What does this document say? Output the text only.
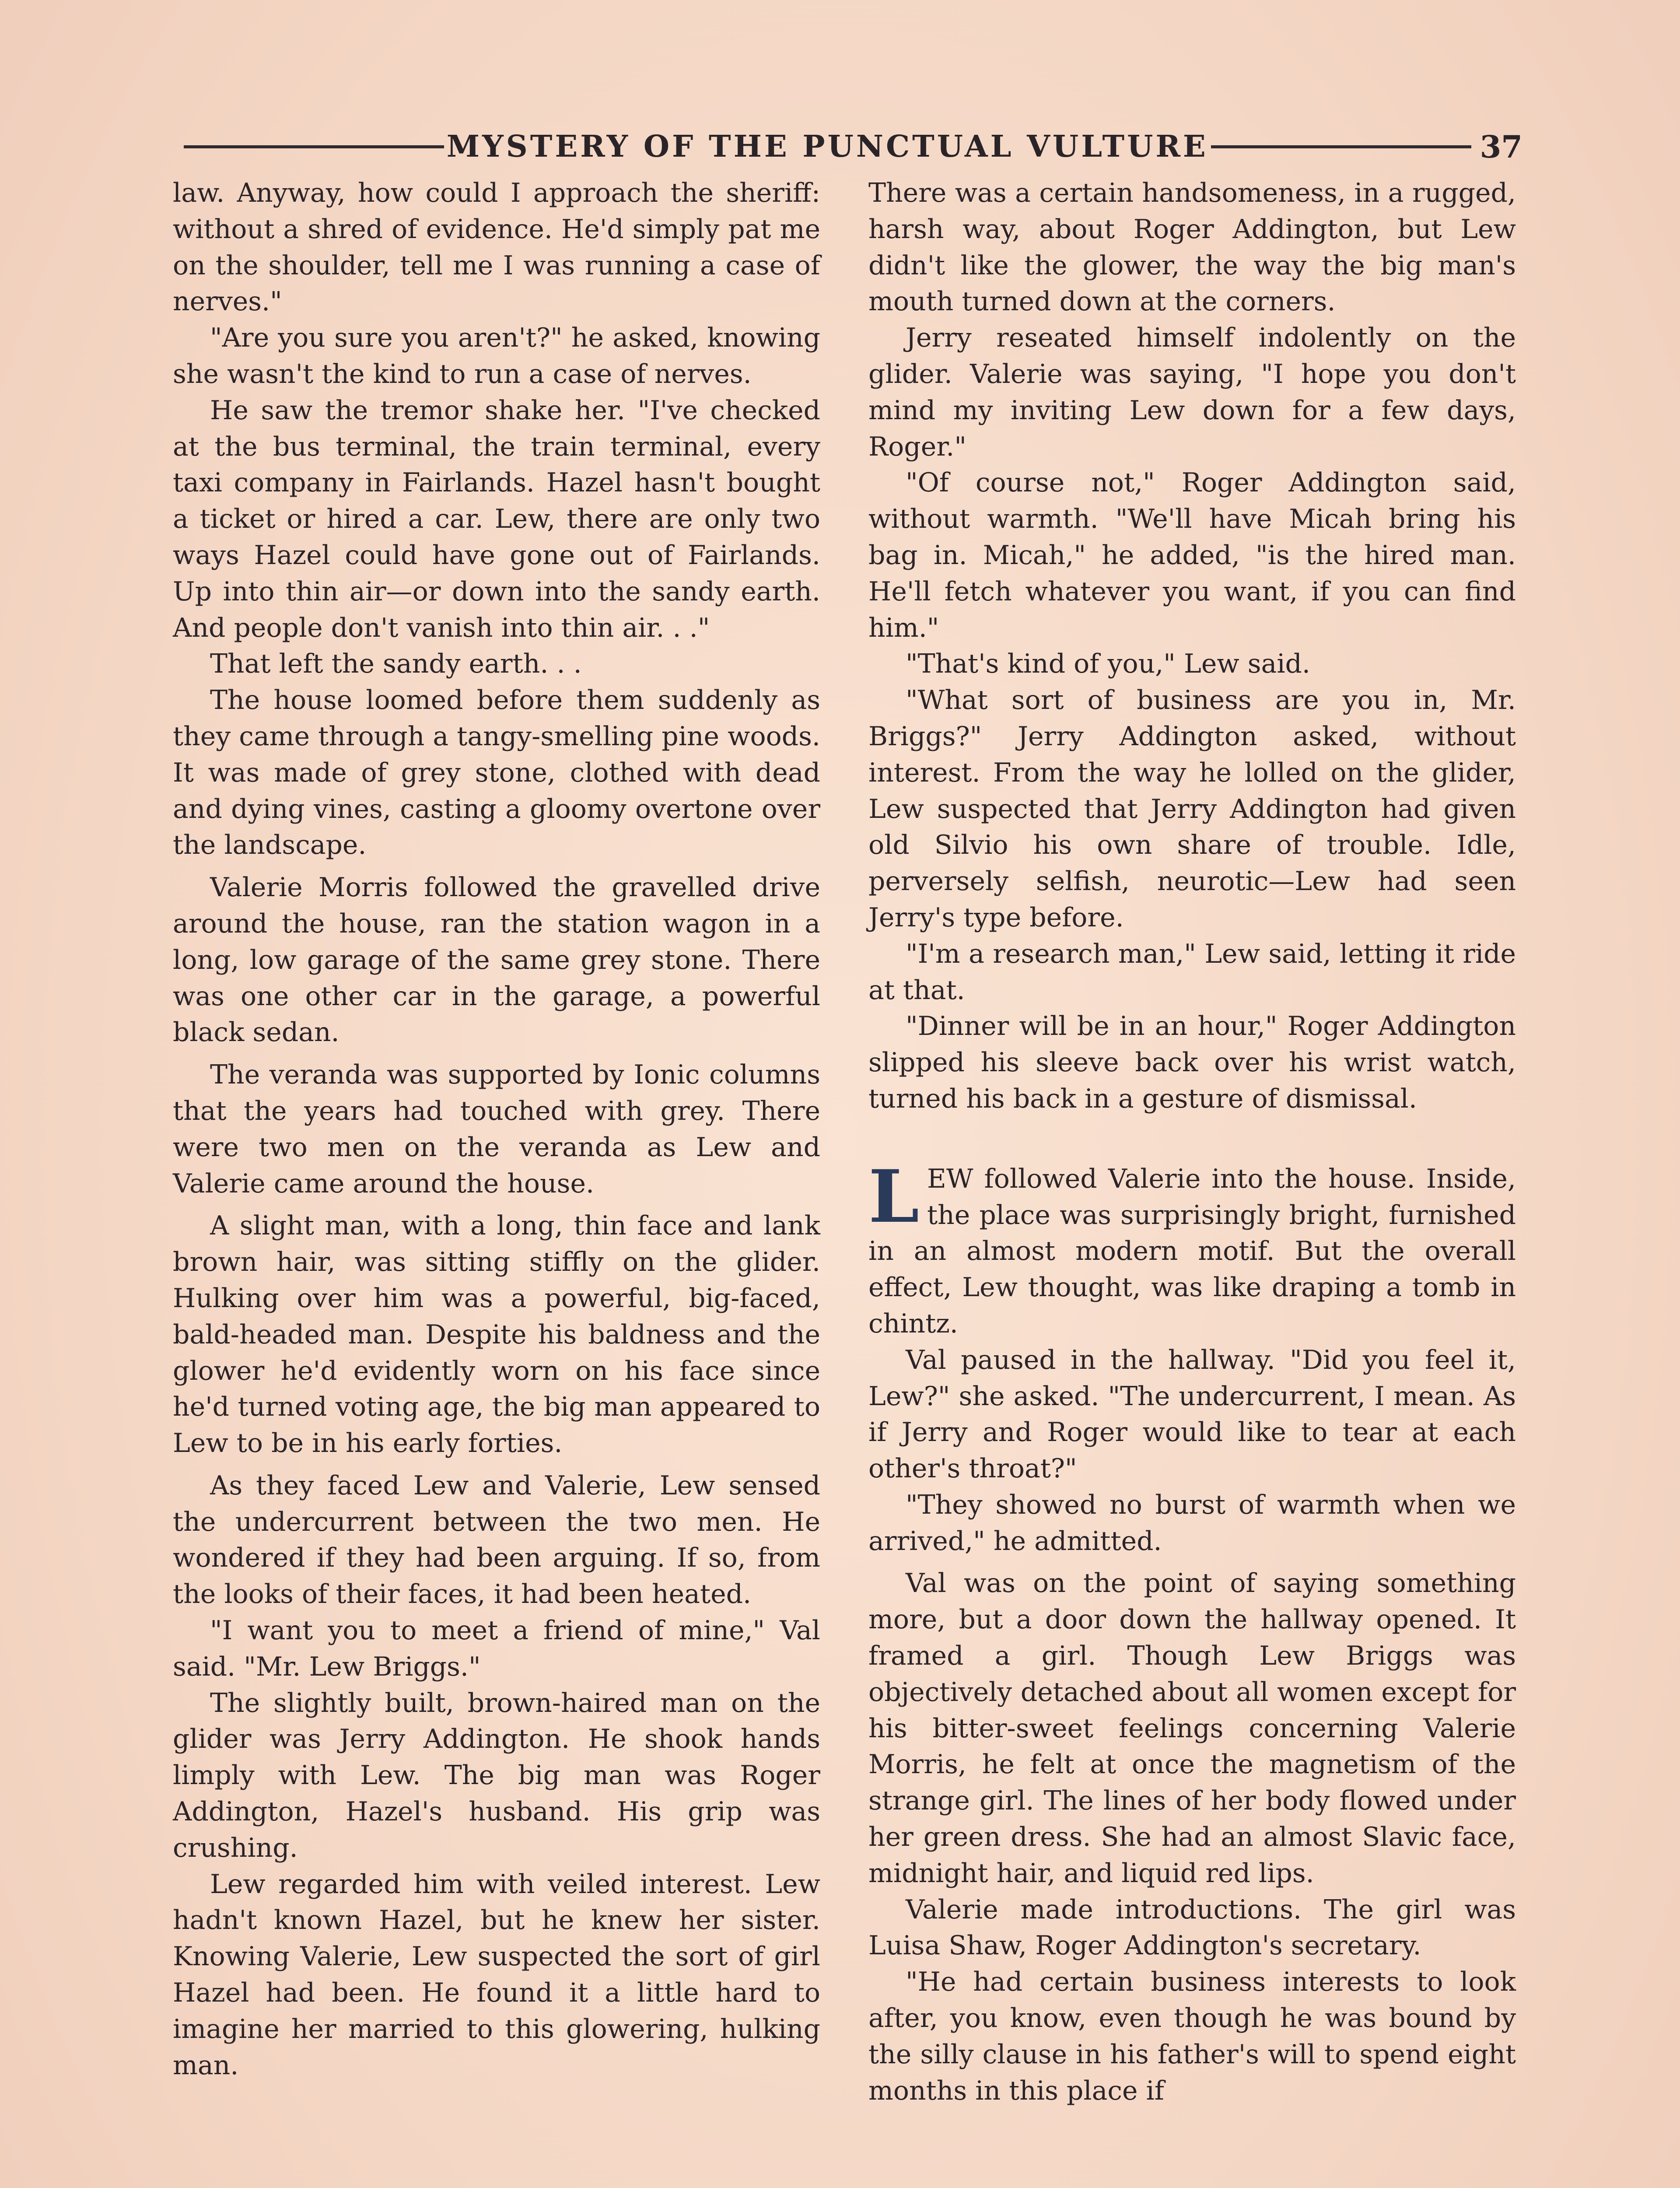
MYSTERY OF THE PUNCTUAL VULTURE	37

law. Anyway, how could I approach the sheriff: without a shred of evidence. He'd simply pat me on the shoulder, tell me I was running a case of nerves."

"Are you sure you aren't?" he asked, knowing she wasn't the kind to run a case of nerves.

He saw the tremor shake her. "I've checked at the bus terminal, the train terminal, every taxi company in Fairlands. Hazel hasn't bought a ticket or hired a car. Lew, there are only two ways Hazel could have gone out of Fairlands. Up into thin air—or down into the sandy earth. And people don't vanish into thin air. . ."

That left the sandy earth. . .

The house loomed before them suddenly as they came through a tangy-smelling pine woods. It was made of grey stone, clothed with dead and dying vines, casting a gloomy overtone over the landscape.

Valerie Morris followed the gravelled drive around the house, ran the station wagon in a long, low garage of the same grey stone. There was one other car in the garage, a powerful black sedan.

The veranda was supported by Ionic columns that the years had touched with grey. There were two men on the veranda as Lew and Valerie came around the house.

A slight man, with a long, thin face and lank brown hair, was sitting stiffly on the glider. Hulking over him was a powerful, big-faced, bald-headed man. Despite his baldness and the glower he'd evidently worn on his face since he'd turned voting age, the big man appeared to Lew to be in his early forties.

As they faced Lew and Valerie, Lew sensed the undercurrent between the two men. He wondered if they had been arguing. If so, from the looks of their faces, it had been heated.

"I want you to meet a friend of mine," Val said. "Mr. Lew Briggs."

The slightly built, brown-haired man on the glider was Jerry Addington. He shook hands limply with Lew. The big man was Roger Addington, Hazel's husband. His grip was crushing.

Lew regarded him with veiled interest. Lew hadn't known Hazel, but he knew her sister. Knowing Valerie, Lew suspected the sort of girl Hazel had been. He found it a little hard to imagine her married to this glowering, hulking man.

There was a certain handsomeness, in a rugged, harsh way, about Roger Addington, but Lew didn't like the glower, the way the big man's mouth turned down at the corners.

Jerry reseated himself indolently on the glider. Valerie was saying, "I hope you don't mind my inviting Lew down for a few days, Roger."

"Of course not," Roger Addington said, without warmth. "We'll have Micah bring his bag in. Micah," he added, "is the hired man. He'll fetch whatever you want, if you can find him."

"That's kind of you," Lew said.

"What sort of business are you in, Mr. Briggs?" Jerry Addington asked, without interest. From the way he lolled on the glider, Lew suspected that Jerry Addington had given old Silvio his own share of trouble. Idle, perversely selfish, neurotic—Lew had seen Jerry's type before.

"I'm a research man," Lew said, letting it ride at that.

"Dinner will be in an hour," Roger Addington slipped his sleeve back over his wrist watch, turned his back in a gesture of dismissal.

LEW followed Valerie into the house. Inside, the place was surprisingly bright, furnished in an almost modern motif. But the overall effect, Lew thought, was like draping a tomb in chintz.

Val paused in the hallway. "Did you feel it, Lew?" she asked. "The undercurrent, I mean. As if Jerry and Roger would like to tear at each other's throat?"

"They showed no burst of warmth when we arrived," he admitted.

Val was on the point of saying something more, but a door down the hallway opened. It framed a girl. Though Lew Briggs was objectively detached about all women except for his bitter-sweet feelings concerning Valerie Morris, he felt at once the magnetism of the strange girl. The lines of her body flowed under her green dress. She had an almost Slavic face, midnight hair, and liquid red lips.

Valerie made introductions. The girl was Luisa Shaw, Roger Addington's secretary.

"He had certain business interests to look after, you know, even though he was bound by the silly clause in his father's will to spend eight months in this place if
